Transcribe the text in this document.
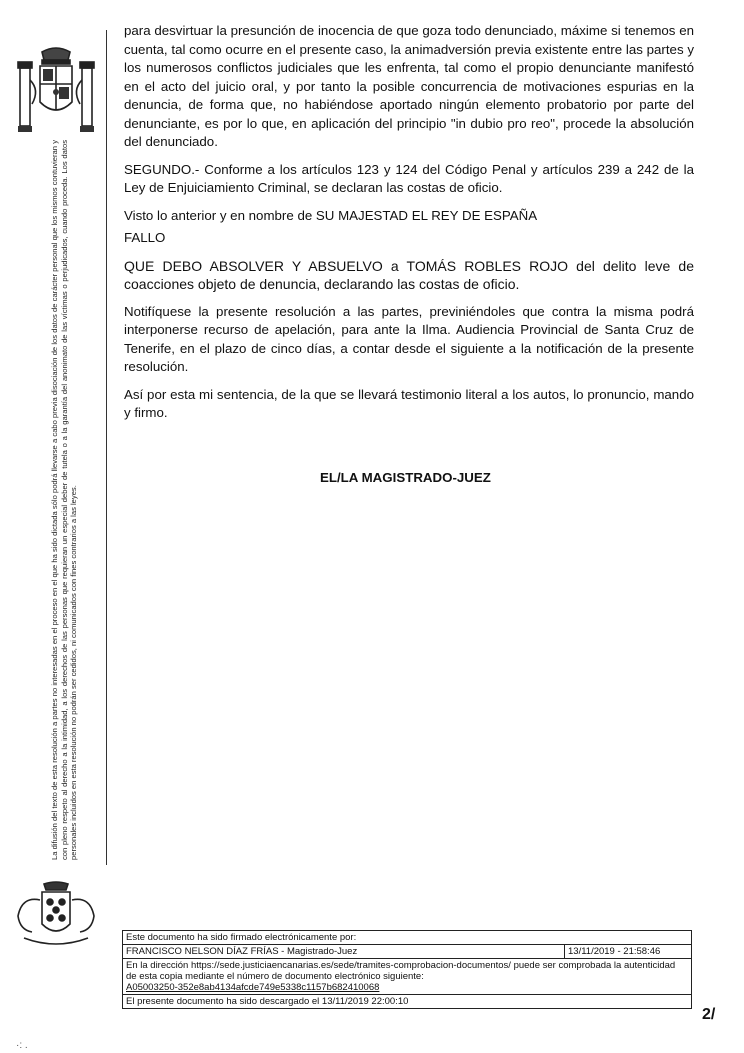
La difusión del texto de esta resolución a partes no interesadas en el proceso en el que ha sido dictada sólo podrá llevarse a cabo previa disociación de los datos de carácter personal que los mismos contuvieran y con pleno respeto al derecho a la intimidad, a los derechos de las personas que requieran un especial deber de tutela o a la garantía del anonimato de las víctimas o perjudicados, cuando proceda. Los datos personales incluidos en esta resolución no podrán ser cedidos, ni comunicados con fines contrarios a las leyes.

para desvirtuar la presunción de inocencia de que goza todo denunciado, máxime si tenemos en cuenta, tal como ocurre en el presente caso, la animadversión previa existente entre las partes y los numerosos conflictos judiciales que les enfrenta, tal como el propio denunciante manifestó en el acto del juicio oral, y por tanto la posible concurrencia de motivaciones espurias en la denuncia, de forma que, no habiéndose aportado ningún elemento probatorio por parte del denunciante, es por lo que, en aplicación del principio "in dubio pro reo", procede la absolución del denunciado.

SEGUNDO.- Conforme a los artículos 123 y 124 del Código Penal y artículos 239 a 242 de la Ley de Enjuiciamiento Criminal, se declaran las costas de oficio.

Visto lo anterior y en nombre de SU MAJESTAD EL REY DE ESPAÑA

FALLO

QUE DEBO ABSOLVER Y ABSUELVO a TOMÁS ROBLES ROJO del delito leve de coacciones objeto de denuncia, declarando las costas de oficio.

Notifíquese la presente resolución a las partes, previniéndoles que contra la misma podrá interponerse recurso de apelación, para ante la Ilma. Audiencia Provincial de Santa Cruz de Tenerife, en el plazo de cinco días, a contar desde el siguiente a la notificación de la presente resolución.

Así por esta mi sentencia, de la que se llevará testimonio literal a los autos, lo pronuncio, mando y firmo.

EL/LA MAGISTRADO-JUEZ
Este documento ha sido firmado electrónicamente por:
FRANCISCO NELSON DÍAZ FRÍAS - Magistrado-Juez	13/11/2019 - 21:58:46
En la dirección https://sede.justiciaencanarias.es/sede/tramites-comprobacion-documentos/ puede ser comprobada la autenticidad de esta copia mediante el número de documento electrónico siguiente:
A05003250-352e8ab4134afcde749e5338c1157b682410068
El presente documento ha sido descargado el 13/11/2019 22:00:10
2/
·: .
